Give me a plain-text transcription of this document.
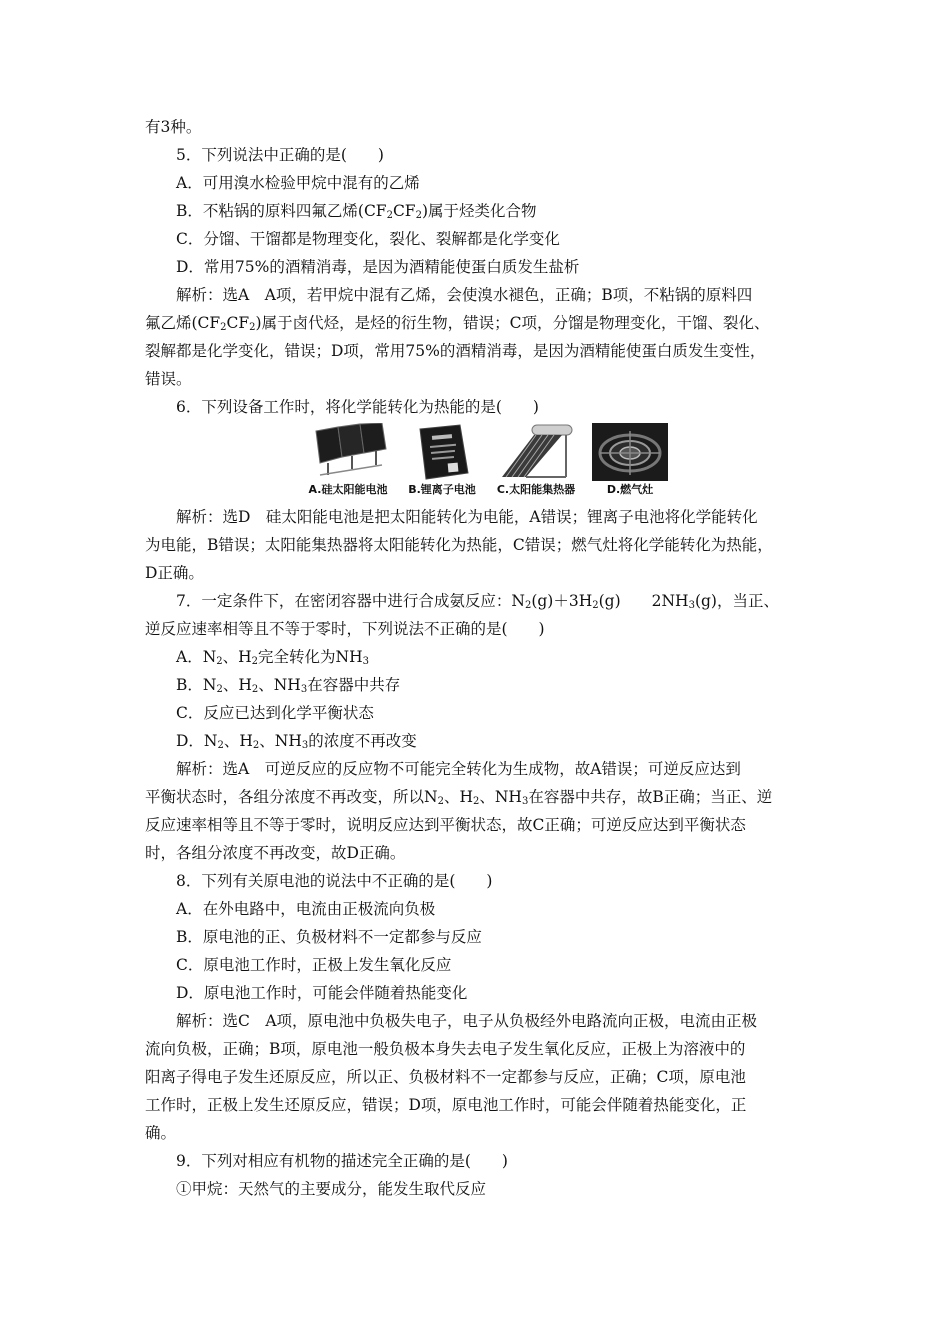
有3种。

5．下列说法中正确的是(　　)

A．可用溴水检验甲烷中混有的乙烯

B．不粘锅的原料四氟乙烯$(CF_2CF_2)$属于烃类化合物

C．分馏、干馏都是物理变化，裂化、裂解都是化学变化

D．常用75%的酒精消毒，是因为酒精能使蛋白质发生盐析

解析：选A　A项，若甲烷中混有乙烯，会使溴水褪色，正确；B项，不粘锅的原料四

氟乙烯$(CF_2CF_2)$属于卤代烃，是烃的衍生物，错误；C项，分馏是物理变化，干馏、裂化、

裂解都是化学变化，错误；D项，常用75%的酒精消毒，是因为酒精能使蛋白质发生变性，

错误。

6．下列设备工作时，将化学能转化为热能的是(　　)

A.硅太阳能电池 B.锂离子电池 C.太阳能集热器	D.燃气灶

解析：选D　硅太阳能电池是把太阳能转化为电能，A错误；锂离子电池将化学能转化

为电能，B错误；太阳能集热器将太阳能转化为热能，C错误；燃气灶将化学能转化为热能，

D正确。

7．一定条件下，在密闭容器中进行合成氨反应：$N_2(g)+3H_2(g)$　　$2NH_3(g)$，当正、

逆反应速率相等且不等于零时，下列说法不正确的是(　　)

A．$N_2$、$H_2$完全转化为$NH_3$

B．$N_2$、$H_2$、$NH_3$在容器中共存

C．反应已达到化学平衡状态

D．$N_2$、$H_2$、$NH_3$的浓度不再改变

解析：选A　可逆反应的反应物不可能完全转化为生成物，故A错误；可逆反应达到

平衡状态时，各组分浓度不再改变，所以$N_2$、$H_2$、$NH_3$在容器中共存，故B正确；当正、逆

反应速率相等且不等于零时，说明反应达到平衡状态，故C正确；可逆反应达到平衡状态

时，各组分浓度不再改变，故D正确。

8．下列有关原电池的说法中不正确的是(　　)

A．在外电路中，电流由正极流向负极

B．原电池的正、负极材料不一定都参与反应

C．原电池工作时，正极上发生氧化反应

D．原电池工作时，可能会伴随着热能变化

解析：选C　A项，原电池中负极失电子，电子从负极经外电路流向正极，电流由正极

流向负极，正确；B项，原电池一般负极本身失去电子发生氧化反应，正极上为溶液中的

阳离子得电子发生还原反应，所以正、负极材料不一定都参与反应，正确；C项，原电池

工作时，正极上发生还原反应，错误；D项，原电池工作时，可能会伴随着热能变化，正

确。

9．下列对相应有机物的描述完全正确的是(　　)

①甲烷：天然气的主要成分，能发生取代反应
